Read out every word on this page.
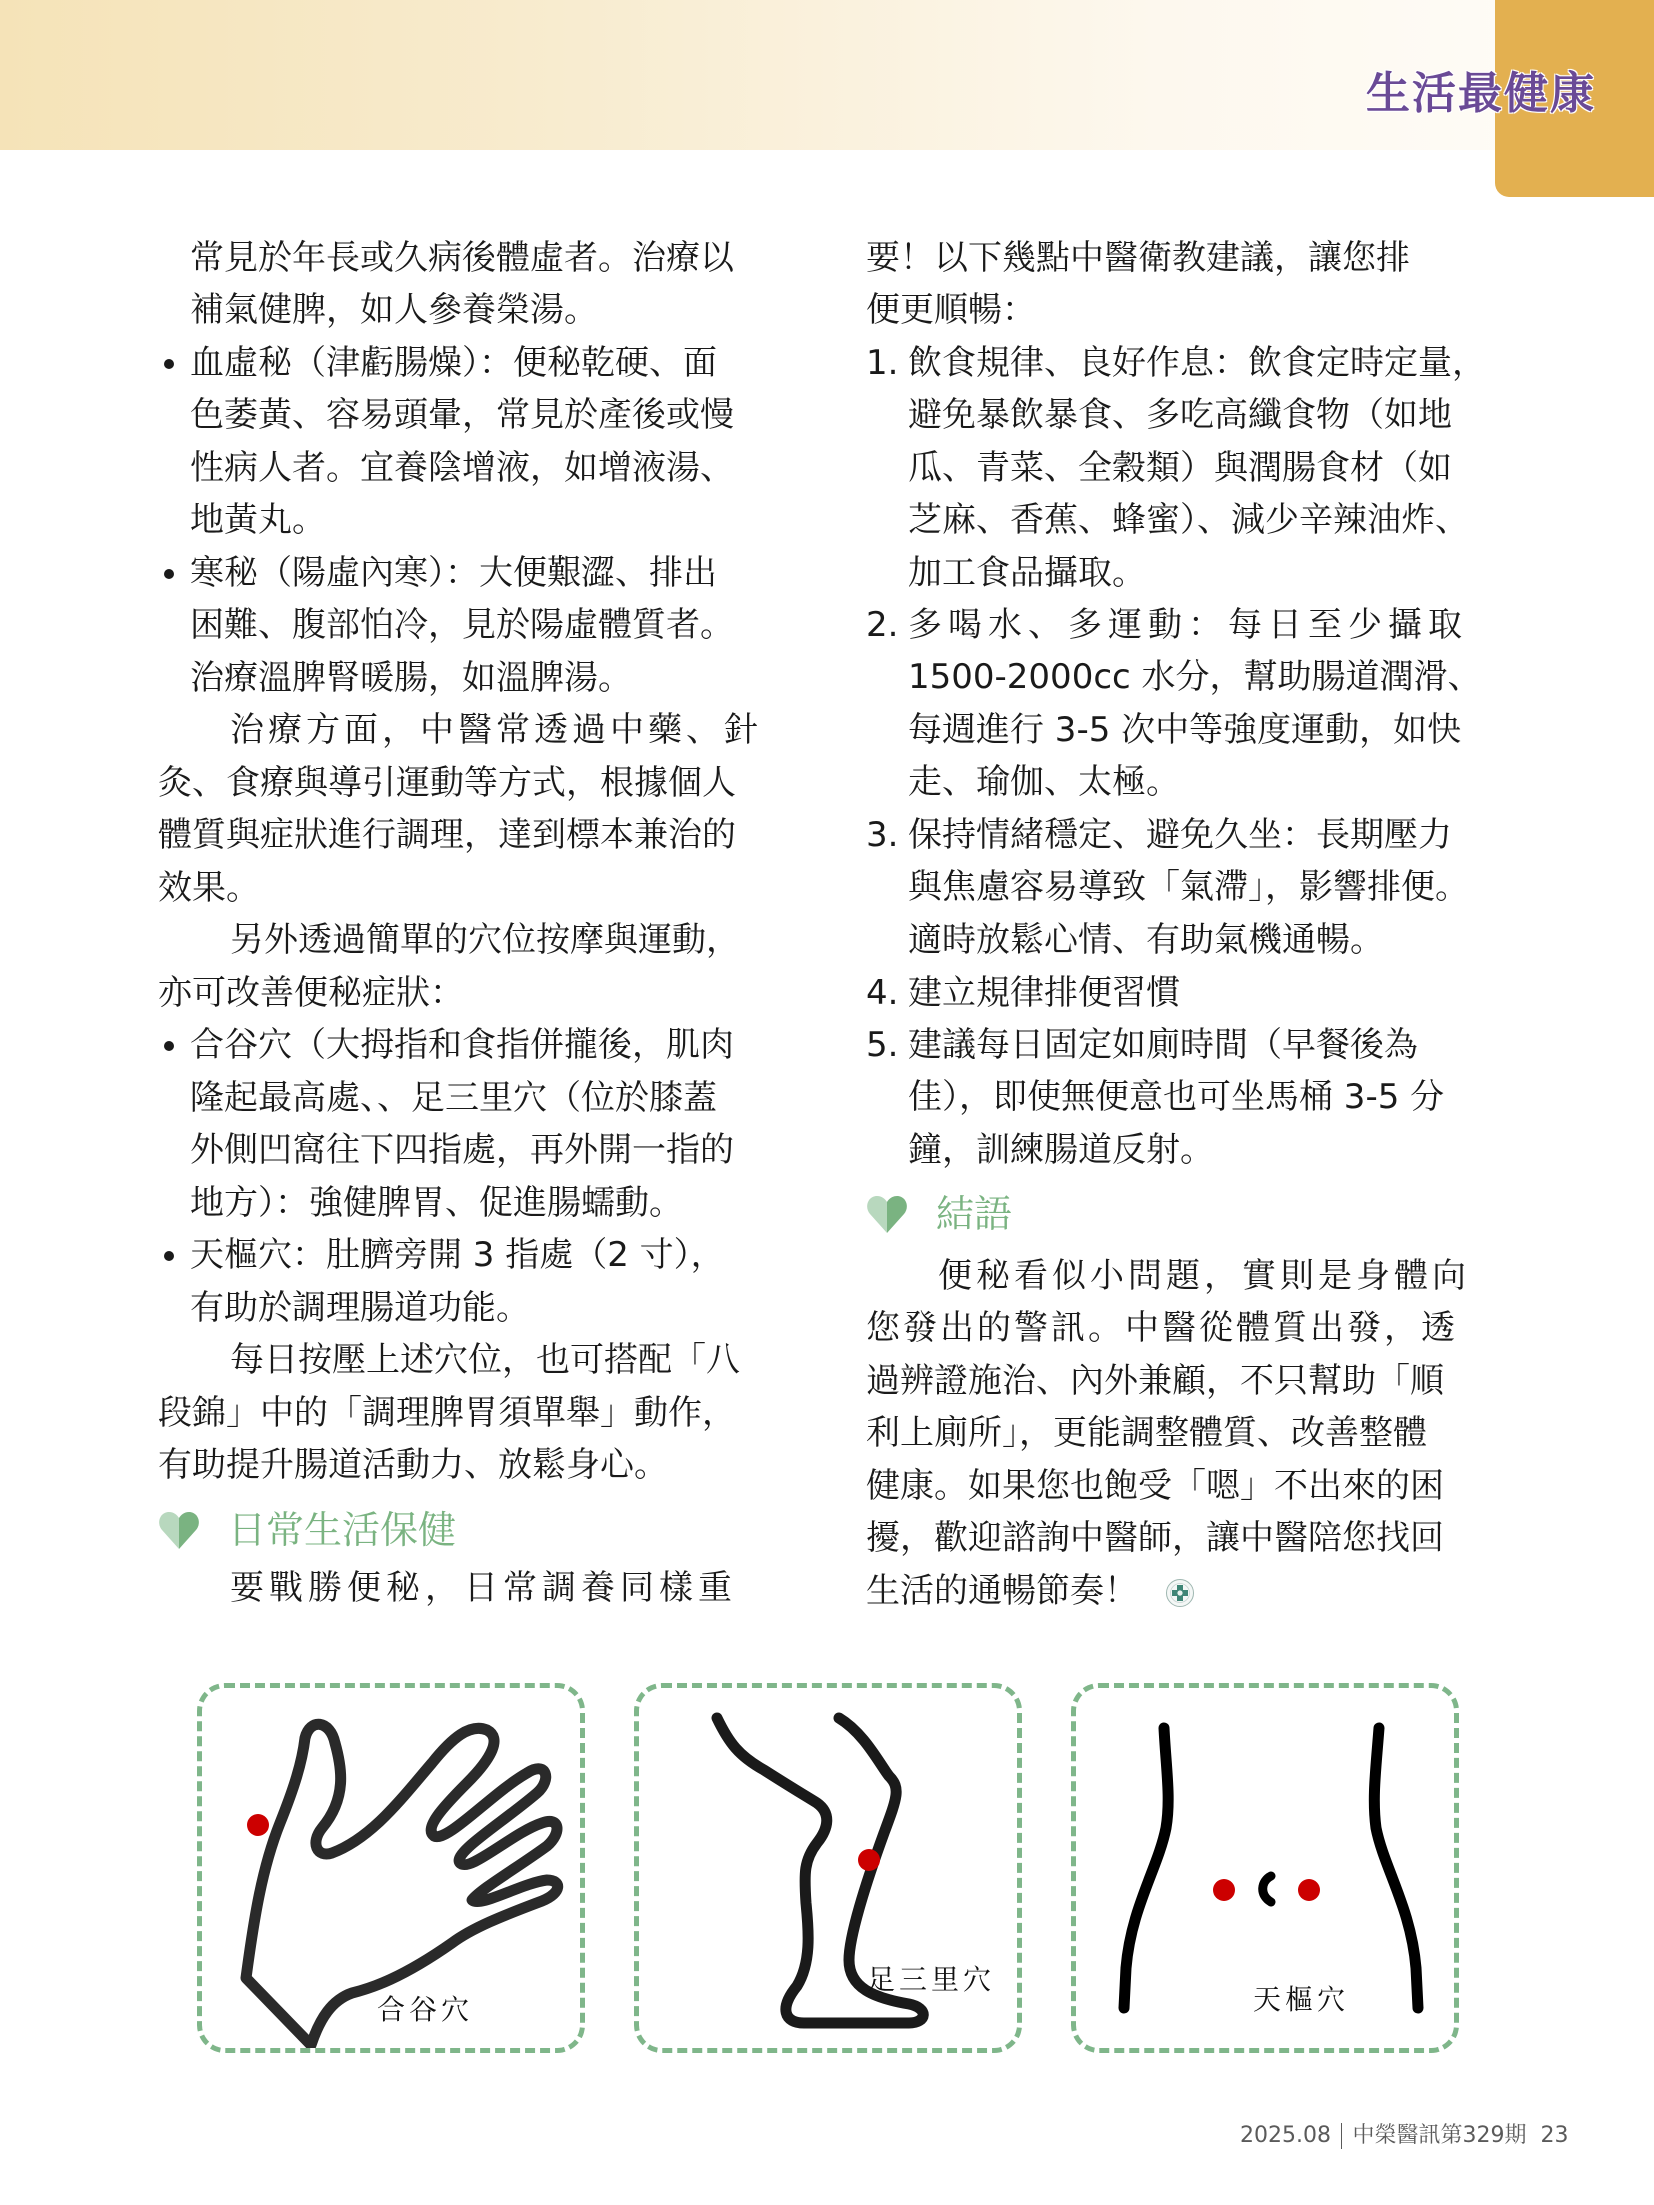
生活最健康
常見於年長或久病後體虛者。治療以
補氣健脾，如人參養榮湯。
血虛秘（津虧腸燥）：便秘乾硬、面
色萎黃、容易頭暈，常見於產後或慢
性病人者。宜養陰增液，如增液湯、
地黃丸。
寒秘（陽虛內寒）：大便艱澀、排出
困難、腹部怕冷，見於陽虛體質者。
治療溫脾腎暖腸，如溫脾湯。
治療方面，中醫常透過中藥、針
灸、食療與導引運動等方式，根據個人
體質與症狀進行調理，達到標本兼治的
效果。
另外透過簡單的穴位按摩與運動，
亦可改善便秘症狀：
合谷穴（大拇指和食指併攏後，肌肉
隆起最高處、、足三里穴（位於膝蓋
外側凹窩往下四指處，再外開一指的
地方）：強健脾胃、促進腸蠕動。
天樞穴：肚臍旁開 3 指處（2 寸），
有助於調理腸道功能。
每日按壓上述穴位，也可搭配「八
段錦」中的「調理脾胃須單舉」動作，
有助提升腸道活動力、放鬆身心。
日常生活保健
要戰勝便秘，日常調養同樣重
要！以下幾點中醫衛教建議，讓您排
便更順暢：
1. 飲食規律、良好作息：飲食定時定量，
避免暴飲暴食、多吃高纖食物（如地
瓜、青菜、全穀類）與潤腸食材（如
芝麻、香蕉、蜂蜜）、減少辛辣油炸、
加工食品攝取。
2. 多喝水、多運動：每日至少攝取
1500-2000cc 水分，幫助腸道潤滑、
每週進行 3-5 次中等強度運動，如快
走、瑜伽、太極。
3. 保持情緒穩定、避免久坐：長期壓力
與焦慮容易導致「氣滯」，影響排便。
適時放鬆心情、有助氣機通暢。
4. 建立規律排便習慣
5. 建議每日固定如廁時間（早餐後為
佳），即使無便意也可坐馬桶 3-5 分
鐘，訓練腸道反射。
結語
便秘看似小問題，實則是身體向
您發出的警訊。中醫從體質出發，透
過辨證施治、內外兼顧，不只幫助「順
利上廁所」，更能調整體質、改善整體
健康。如果您也飽受「嗯」不出來的困
擾，歡迎諮詢中醫師，讓中醫陪您找回
生活的通暢節奏！
合谷穴
足三里穴
天樞穴
2025.08 中榮醫訊第329期 23
